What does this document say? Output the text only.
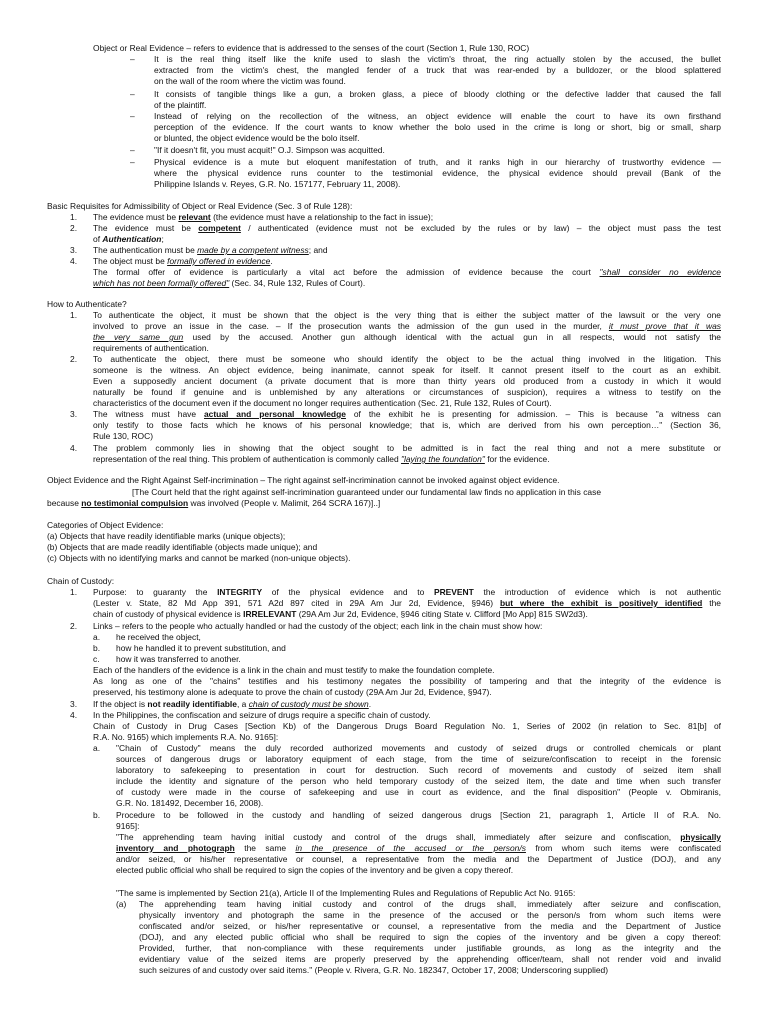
Object or Real Evidence – refers to evidence that is addressed to the senses of the court (Section 1, Rule 130, ROC)
– It is the real thing itself like the knife used to slash the victim's throat, the ring actually stolen by the accused, the bullet
extracted from the victim's chest, the mangled fender of a truck that was rear-ended by a bulldozer, or the blood splattered
on the wall of the room where the victim was found.
– It consists of tangible things like a gun, a broken glass, a piece of bloody clothing or the defective ladder that caused the fall
of the plaintiff.
– Instead of relying on the recollection of the witness, an object evidence will enable the court to have its own firsthand
perception of the evidence. If the court wants to know whether the bolo used in the crime is long or short, big or small, sharp
or blunted, the object evidence would be the bolo itself.
– "If it doesn't fit, you must acquit!" O.J. Simpson was acquitted.
– Physical evidence is a mute but eloquent manifestation of truth, and it ranks high in our hierarchy of trustworthy evidence —
where the physical evidence runs counter to the testimonial evidence, the physical evidence should prevail (Bank of the
Philippine Islands v. Reyes, G.R. No. 157177, February 11, 2008).
Basic Requisites for Admissibility of Object or Real Evidence (Sec. 3 of Rule 128):
1. The evidence must be relevant (the evidence must have a relationship to the fact in issue);
2. The evidence must be competent / authenticated (evidence must not be excluded by the rules or by law) – the object must pass the test
of Authentication;
3. The authentication must be made by a competent witness; and
4. The object must be formally offered in evidence.
The formal offer of evidence is particularly a vital act before the admission of evidence because the court "shall consider no evidence
which has not been formally offered" (Sec. 34, Rule 132, Rules of Court).
How to Authenticate?
1. To authenticate the object, it must be shown that the object is the very thing that is either the subject matter of the lawsuit or the very one
involved to prove an issue in the case. – If the prosecution wants the admission of the gun used in the murder, it must prove that it was
the very same gun used by the accused. Another gun although identical with the actual gun in all respects, would not satisfy the
requirements of authentication.
2. To authenticate the object, there must be someone who should identify the object to be the actual thing involved in the litigation. This
someone is the witness. An object evidence, being inanimate, cannot speak for itself. It cannot present itself to the court as an exhibit.
Even a supposedly ancient document (a private document that is more than thirty years old produced from a custody in which it would
naturally be found if genuine and is unblemished by any alterations or circumstances of suspicion), requires a witness to testify on the
characteristics of the document even if the document no longer requires authentication (Sec. 21, Rule 132, Rules of Court).
3. The witness must have actual and personal knowledge of the exhibit he is presenting for admission. – This is because "a witness can
only testify to those facts which he knows of his personal knowledge; that is, which are derived from his own perception…" (Section 36,
Rule 130, ROC)
4. The problem commonly lies in showing that the object sought to be admitted is in fact the real thing and not a mere substitute or
representation of the real thing. This problem of authentication is commonly called "laying the foundation" for the evidence.
Object Evidence and the Right Against Self-incrimination – The right against self-incrimination cannot be invoked against object evidence.
[The Court held that the right against self-incrimination guaranteed under our fundamental law finds no application in this case
because no testimonial compulsion was involved (People v. Malimit, 264 SCRA 167)]..]
Categories of Object Evidence:
(a) Objects that have readily identifiable marks (unique objects);
(b) Objects that are made readily identifiable (objects made unique); and
(c) Objects with no identifying marks and cannot be marked (non-unique objects).
Chain of Custody:
1. Purpose: to guaranty the INTEGRITY of the physical evidence and to PREVENT the introduction of evidence which is not authentic
(Lester v. State, 82 Md App 391, 571 A2d 897 cited in 29A Am Jur 2d, Evidence, §946) but where the exhibit is positively identified the
chain of custody of physical evidence is IRRELEVANT (29A Am Jur 2d, Evidence, §946 citing State v. Clifford [Mo App] 815 SW2d3).
2. Links – refers to the people who actually handled or had the custody of the object; each link in the chain must show how:
a. he received the object,
b. how he handled it to prevent substitution, and
c. how it was transferred to another.
Each of the handlers of the evidence is a link in the chain and must testify to make the foundation complete.
As long as one of the "chains" testifies and his testimony negates the possibility of tampering and that the integrity of the evidence is
preserved, his testimony alone is adequate to prove the chain of custody (29A Am Jur 2d, Evidence, §947).
3. If the object is not readily identifiable, a chain of custody must be shown.
4. In the Philippines, the confiscation and seizure of drugs require a specific chain of custody.
Chain of Custody in Drug Cases [Section Kb) of the Dangerous Drugs Board Regulation No. 1, Series of 2002 (in relation to Sec. 81[b] of
R.A. No. 9165) which implements R.A. No. 9165]:
a. "Chain of Custody" means the duly recorded authorized movements and custody of seized drugs or controlled chemicals or plant
sources of dangerous drugs or laboratory equipment of each stage, from the time of seizure/confiscation to receipt in the forensic
laboratory to safekeeping to presentation in court for destruction. Such record of movements and custody of seized item shall
include the identity and signature of the person who held temporary custody of the seized item, the date and time when such transfer
of custody were made in the course of safekeeping and use in court as evidence, and the final disposition" (People v. Obmiranis,
G.R. No. 181492, December 16, 2008).
b. Procedure to be followed in the custody and handling of seized dangerous drugs [Section 21, paragraph 1, Article II of R.A. No.
9165]:
"The apprehending team having initial custody and control of the drugs shall, immediately after seizure and confiscation, physically
inventory and photograph the same in the presence of the accused or the person/s from whom such items were confiscated
and/or seized, or his/her representative or counsel, a representative from the media and the Department of Justice (DOJ), and any
elected public official who shall be required to sign the copies of the inventory and be given a copy thereof.
"The same is implemented by Section 21(a), Article II of the Implementing Rules and Regulations of Republic Act No. 9165:
(a) The apprehending team having initial custody and control of the drugs shall, immediately after seizure and confiscation,
physically inventory and photograph the same in the presence of the accused or the person/s from whom such items were
confiscated and/or seized, or his/her representative or counsel, a representative from the media and the Department of Justice
(DOJ), and any elected public official who shall be required to sign the copies of the inventory and be given a copy thereof:
Provided, further, that non-compliance with these requirements under justifiable grounds, as long as the integrity and the
evidentiary value of the seized items are properly preserved by the apprehending officer/team, shall not render void and invalid
such seizures of and custody over said items." (People v. Rivera, G.R. No. 182347, October 17, 2008; Underscoring supplied)
